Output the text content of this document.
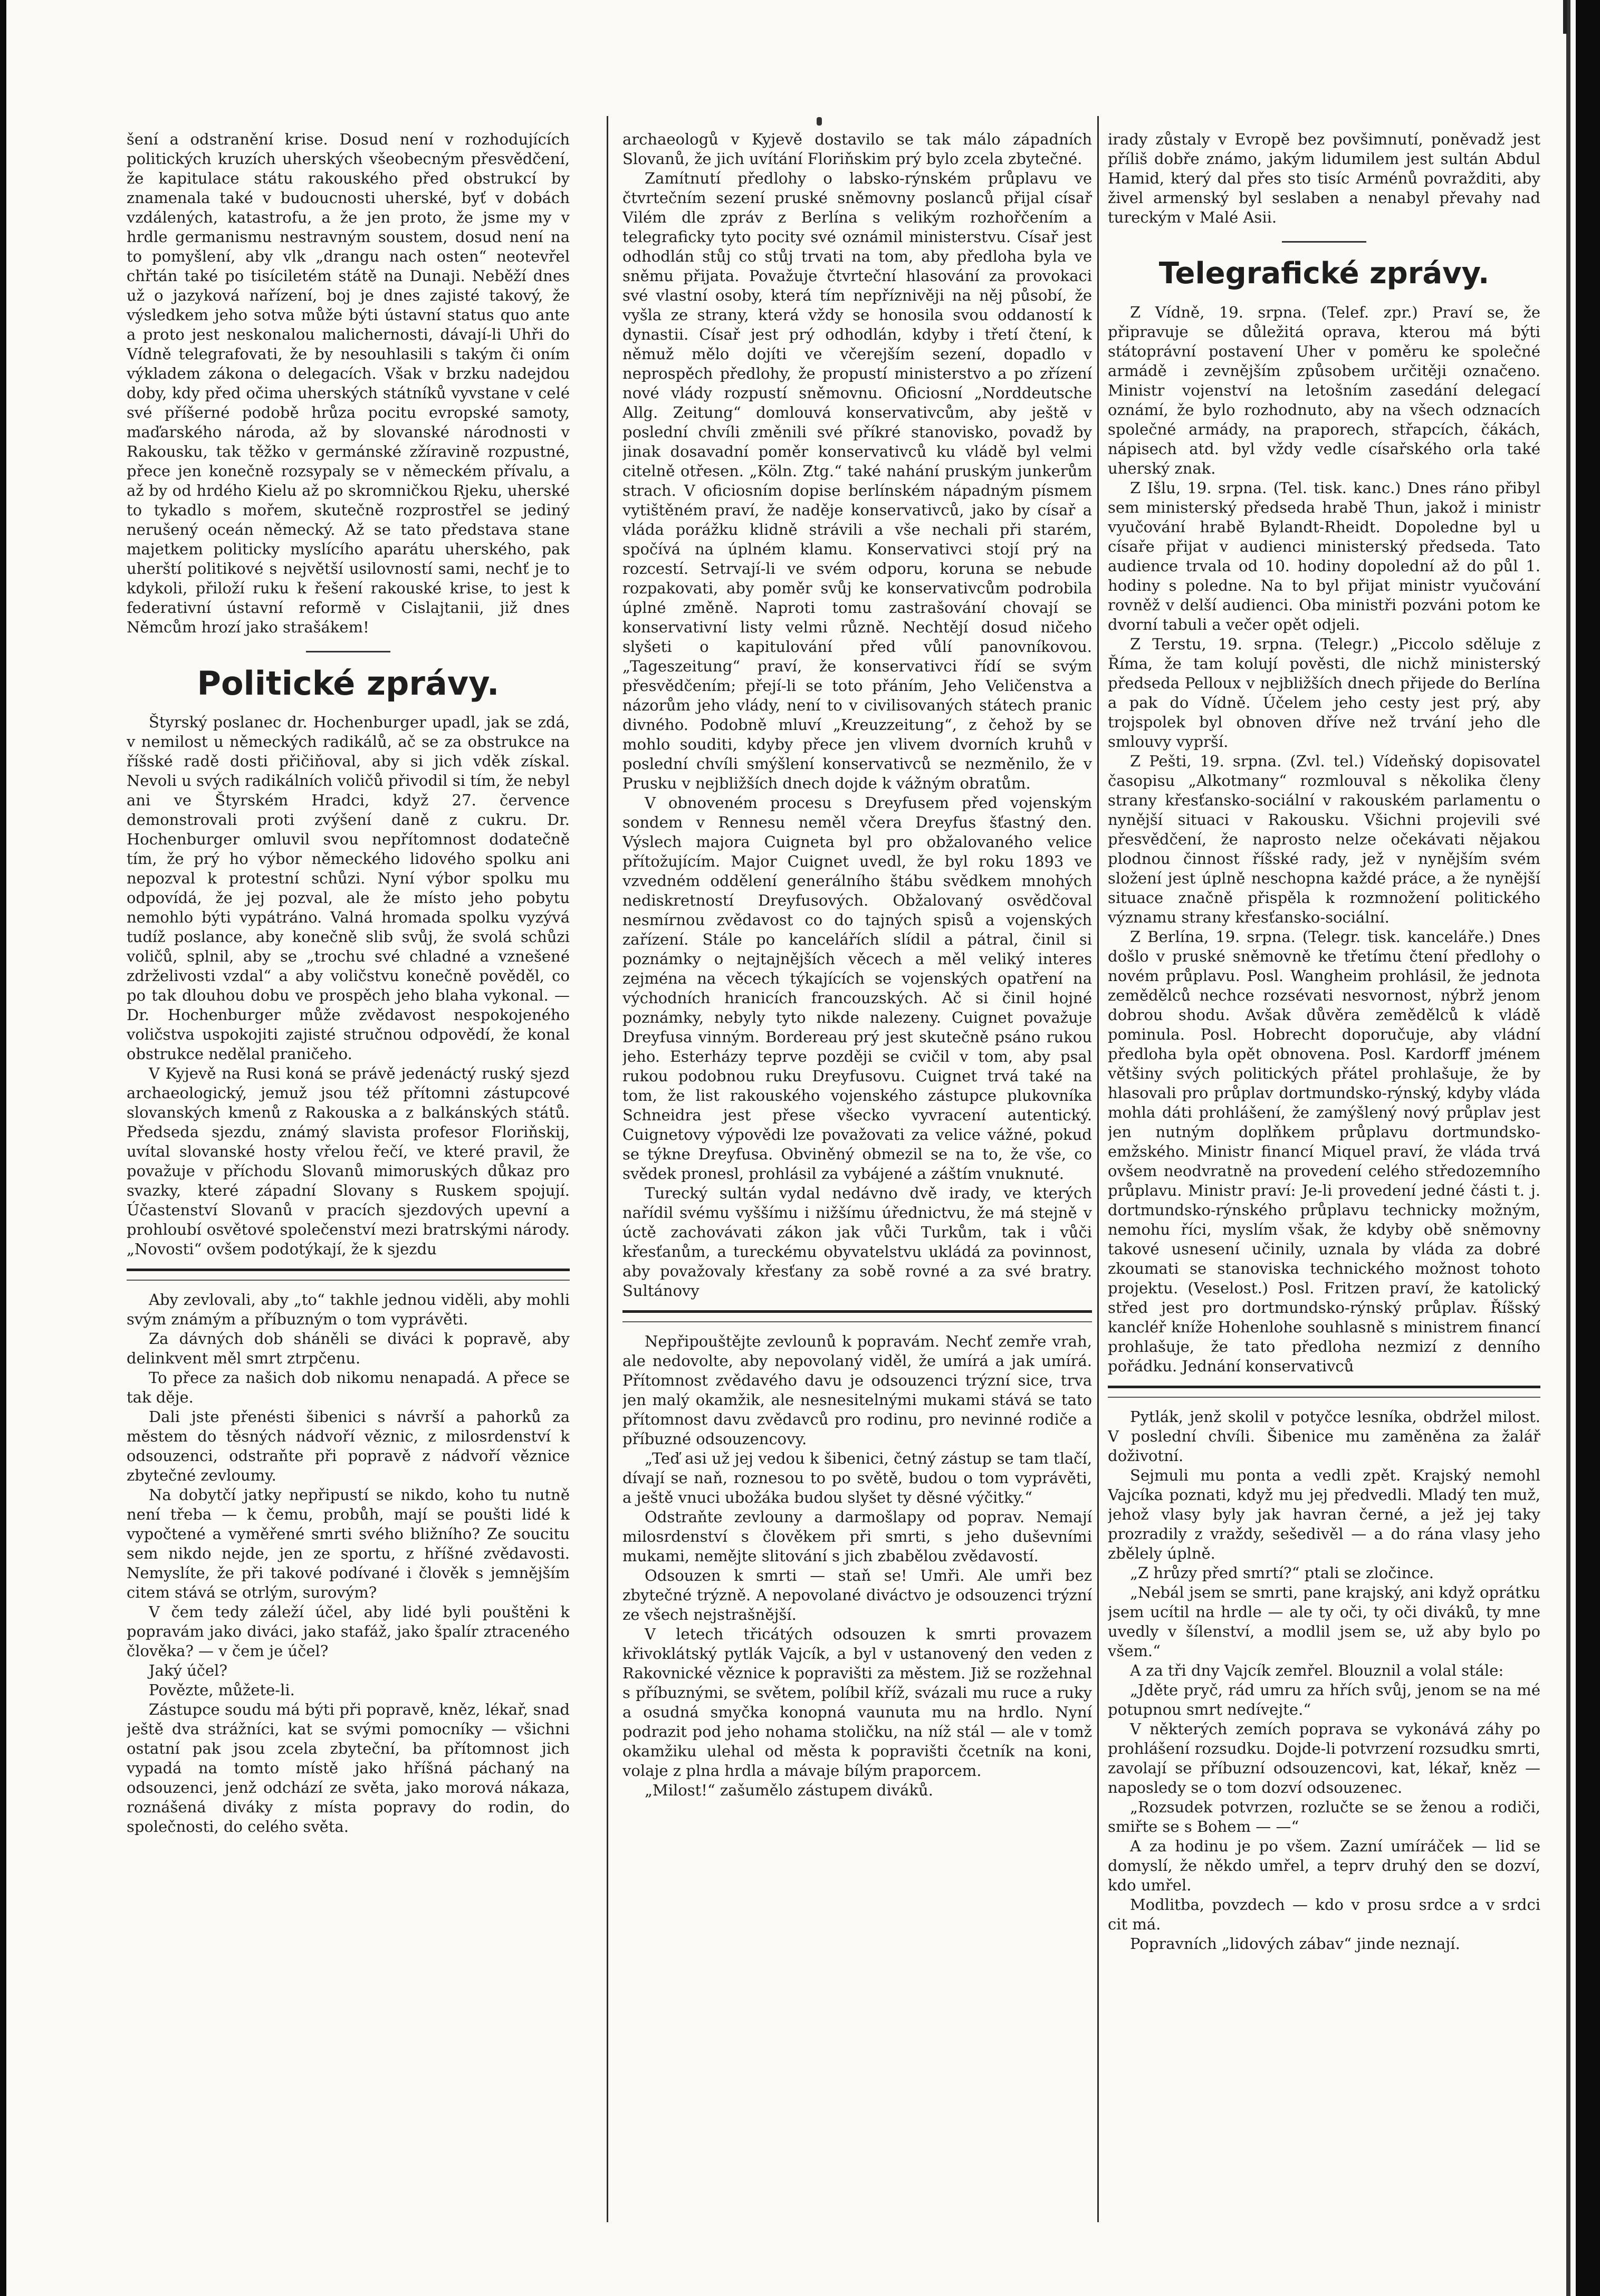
šení a odstranění krise. Dosud není v rozhodujících politických kruzích uherských všeobecným přesvědčení, že kapitulace státu rakouského před obstrukcí by znamenala také v budoucnosti uherské, byť v dobách vzdálených, katastrofu, a že jen proto, že jsme my v hrdle germanismu nestravným soustem, dosud není na to pomyšlení, aby vlk „drangu nach osten“ neotevřel chřtán také po tisíciletém státě na Dunaji. Neběží dnes už o jazyková nařízení, boj je dnes zajisté takový, že výsledkem jeho sotva může býti ústavní status quo ante a proto jest neskonalou malichernosti, dávají-li Uhři do Vídně telegrafovati, že by nesouhlasili s takým či oním výkladem zákona o delegacích. Však v brzku nadejdou doby, kdy před očima uherských státníků vyvstane v celé své příšerné podobě hrůza pocitu evropské samoty, maďarského národa, až by slovanské národnosti v Rakousku, tak těžko v germánské zžíravině rozpustné, přece jen konečně rozsypaly se v německém přívalu, a až by od hrdého Kielu až po skromničkou Rjeku, uherské to tykadlo s mořem, skutečně rozprostřel se jediný nerušený oceán německý. Až se tato představa stane majetkem politicky myslícího aparátu uherského, pak uherští politikové s největší usilovností sami, nechť je to kdykoli, přiloží ruku k řešení rakouské krise, to jest k federativní ústavní reformě v Cislajtanii, již dnes Němcům hrozí jako strašákem!

Politické zprávy.

Štyrský poslanec dr. Hochenburger upadl, jak se zdá, v nemilost u německých radikálů, ač se za obstrukce na říšské radě dosti přičiňoval, aby si jich vděk získal. Nevoli u svých radikálních voličů přivodil si tím, že nebyl ani ve Štyrském Hradci, když 27. července demonstrovali proti zvýšení daně z cukru. Dr. Hochenburger omluvil svou nepřítomnost dodatečně tím, že prý ho výbor německého lidového spolku ani nepozval k protestní schůzi. Nyní výbor spolku mu odpovídá, že jej pozval, ale že místo jeho pobytu nemohlo býti vypátráno. Valná hromada spolku vyzývá tudíž poslance, aby konečně slib svůj, že svolá schůzi voličů, splnil, aby se „trochu své chladné a vznešené zdrželivosti vzdal“ a aby voličstvu konečně pověděl, co po tak dlouhou dobu ve prospěch jeho blaha vykonal. — Dr. Hochenburger může zvědavost nespokojeného voličstva uspokojiti zajisté stručnou odpovědí, že konal obstrukce nedělal praničeho.

V Kyjevě na Rusi koná se právě jedenáctý ruský sjezd archaeologický, jemuž jsou též přítomni zástupcové slovanských kmenů z Rakouska a z balkánských států. Předseda sjezdu, známý slavista profesor Floriňskij, uvítal slovanské hosty vřelou řečí, ve které pravil, že považuje v příchodu Slovanů mimoruských důkaz pro svazky, které západní Slovany s Ruskem spojují. Účastenství Slovanů v pracích sjezdových upevní a prohloubí osvětové společenství mezi bratrskými národy. „Novosti“ ovšem podotýkají, že k sjezdu

Aby zevlovali, aby „to“ takhle jednou viděli, aby mohli svým známým a příbuzným o tom vyprávěti.

Za dávných dob sháněli se diváci k popravě, aby delinkvent měl smrt ztrpčenu.

To přece za našich dob nikomu nenapadá. A přece se tak děje.

Dali jste přenésti šibenici s návrší a pahorků za městem do těsných nádvoří věznic, z milosrdenství k odsouzenci, odstraňte při popravě z nádvoří věznice zbytečné zevloumy.

Na dobytčí jatky nepřipustí se nikdo, koho tu nutně není třeba — k čemu, probůh, mají se poušti lidé k vypočtené a vyměřené smrti svého bližního? Ze soucitu sem nikdo nejde, jen ze sportu, z hříšné zvědavosti. Nemyslíte, že při takové podívané i člověk s jemnějším citem stává se otrlým, surovým?

V čem tedy záleží účel, aby lidé byli pouštěni k popravám jako diváci, jako stafáž, jako špalír ztraceného člověka? — v čem je účel?

Jaký účel?

Povězte, můžete-li.

Zástupce soudu má býti při popravě, kněz, lékař, snad ještě dva strážníci, kat se svými pomocníky — všichni ostatní pak jsou zcela zbyteční, ba přítomnost jich vypadá na tomto místě jako hříšná páchaný na odsouzenci, jenž odchází ze světa, jako morová nákaza, roznášená diváky z místa popravy do rodin, do společnosti, do celého světa.

archaeologů v Kyjevě dostavilo se tak málo západních Slovanů, že jich uvítání Floriňskim prý bylo zcela zbytečné.

Zamítnutí předlohy o labsko-rýnském průplavu ve čtvrtečním sezení pruské sněmovny poslanců přijal císař Vilém dle zpráv z Berlína s velikým rozhořčením a telegraficky tyto pocity své oznámil ministerstvu. Císař jest odhodlán stůj co stůj trvati na tom, aby předloha byla ve sněmu přijata. Považuje čtvrteční hlasování za provokaci své vlastní osoby, která tím nepříznivěji na něj působí, že vyšla ze strany, která vždy se honosila svou oddaností k dynastii. Císař jest prý odhodlán, kdyby i třetí čtení, k němuž mělo dojíti ve včerejším sezení, dopadlo v neprospěch předlohy, že propustí ministerstvo a po zřízení nové vlády rozpustí sněmovnu. Oficiosní „Norddeutsche Allg. Zeitung“ domlouvá konservativcům, aby ještě v poslední chvíli změnili své příkré stanovisko, povadž by jinak dosavadní poměr konservativců ku vládě byl velmi citelně otřesen. „Köln. Ztg.“ také nahání pruským junkerům strach. V oficiosním dopise berlínském nápadným písmem vytištěném praví, že naděje konservativců, jako by císař a vláda porážku klidně strávili a vše nechali při starém, spočívá na úplném klamu. Konservativci stojí prý na rozcestí. Setrvají-li ve svém odporu, koruna se nebude rozpakovati, aby poměr svůj ke konservativcům podrobila úplné změně. Naproti tomu zastrašování chovají se konservativní listy velmi různě. Nechtějí dosud ničeho slyšeti o kapitulování před vůlí panovníkovou. „Tageszeitung“ praví, že konservativci řídí se svým přesvědčením; přejí-li se toto přáním, Jeho Veličenstva a názorům jeho vlády, není to v civilisovaných státech pranic divného. Podobně mluví „Kreuzzeitung“, z čehož by se mohlo souditi, kdyby přece jen vlivem dvorních kruhů v poslední chvíli smýšlení konservativců se nezměnilo, že v Prusku v nejbližších dnech dojde k vážným obratům.

V obnoveném procesu s Dreyfusem před vojenským sondem v Rennesu neměl včera Dreyfus šťastný den. Výslech majora Cuigneta byl pro obžalovaného velice přítožujícím. Major Cuignet uvedl, že byl roku 1893 ve vzvedném oddělení generálního štábu svědkem mnohých nediskretností Dreyfusových. Obžalovaný osvědčoval nesmírnou zvědavost co do tajných spisů a vojenských zařízení. Stále po kancelářích slídil a pátral, činil si poznámky o nejtajnějších věcech a měl veliký interes zejména na věcech týkajících se vojenských opatření na východních hranicích francouzských. Ač si činil hojné poznámky, nebyly tyto nikde nalezeny. Cuignet považuje Dreyfusa vinným. Bordereau prý jest skutečně psáno rukou jeho. Esterházy teprve později se cvičil v tom, aby psal rukou podobnou ruku Dreyfusovu. Cuignet trvá také na tom, že list rakouského vojenského zástupce plukovníka Schneidra jest přese všecko vyvracení autentický. Cuignetovy výpovědi lze považovati za velice vážné, pokud se týkne Dreyfusa. Obviněný obmezil se na to, že vše, co svědek pronesl, prohlásil za vybájené a záštím vnuknuté.

Turecký sultán vydal nedávno dvě irady, ve kterých nařídil svému vyššímu i nižšímu úřednictvu, že má stejně v úctě zachovávati zákon jak vůči Turkům, tak i vůči křesťanům, a tureckému obyvatelstvu ukládá za povinnost, aby považovaly křesťany za sobě rovné a za své bratry. Sultánovy

Nepřipouštějte zevlounů k popravám. Nechť zemře vrah, ale nedovolte, aby nepovolaný viděl, že umírá a jak umírá. Přítomnost zvědavého davu je odsouzenci trýzní sice, trva jen malý okamžik, ale nesnesitelnými mukami stává se tato přítomnost davu zvědavců pro rodinu, pro nevinné rodiče a příbuzné odsouzencovy.

„Teď asi už jej vedou k šibenici, četný zástup se tam tlačí, dívají se naň, roznesou to po světě, budou o tom vyprávěti, a ještě vnuci ubožáka budou slyšet ty děsné výčitky.“

Odstraňte zevlouny a darmošlapy od poprav. Nemají milosrdenství s člověkem při smrti, s jeho duševními mukami, nemějte slitování s jich zbabělou zvědavostí.

Odsouzen k smrti — staň se! Umři. Ale umři bez zbytečné trýzně. A nepovolané diváctvo je odsouzenci trýzní ze všech nejstrašnější.

V letech třicátých odsouzen k smrti provazem křivoklátský pytlák Vajcík, a byl v ustanovený den veden z Rakovnické věznice k popravišti za městem. Již se rozžehnal s příbuznými, se světem, políbil kříž, svázali mu ruce a ruky a osudná smyčka konopná vaunuta mu na hrdlo. Nyní podrazit pod jeho nohama stoličku, na níž stál — ale v tomž okamžiku ulehal od města k popravišti čcetník na koni, volaje z plna hrdla a mávaje bílým praporcem.

„Milost!“ zašumělo zástupem diváků.

irady zůstaly v Evropě bez povšimnutí, poněvadž jest příliš dobře známo, jakým lidumilem jest sultán Abdul Hamid, který dal přes sto tisíc Arménů povražditi, aby živel armenský byl seslaben a nenabyl převahy nad tureckým v Malé Asii.

Telegrafické zprávy.

Z Vídně, 19. srpna. (Telef. zpr.) Praví se, že připravuje se důležitá oprava, kterou má býti státoprávní postavení Uher v poměru ke společné armádě i zevnějším způsobem určitěji označeno. Ministr vojenství na letošním zasedání delegací oznámí, že bylo rozhodnuto, aby na všech odznacích společné armády, na praporech, střapcích, čákách, nápisech atd. byl vždy vedle císařského orla také uherský znak.

Z Išlu, 19. srpna. (Tel. tisk. kanc.) Dnes ráno přibyl sem ministerský předseda hrabě Thun, jakož i ministr vyučování hrabě Bylandt-Rheidt. Dopoledne byl u císaře přijat v audienci ministerský předseda. Tato audience trvala od 10. hodiny dopolední až do půl 1. hodiny s poledne. Na to byl přijat ministr vyučování rovněž v delší audienci. Oba ministři pozváni potom ke dvorní tabuli a večer opět odjeli.

Z Terstu, 19. srpna. (Telegr.) „Piccolo sděluje z Říma, že tam kolují pověsti, dle nichž ministerský předseda Pelloux v nejbližších dnech přijede do Berlína a pak do Vídně. Účelem jeho cesty jest prý, aby trojspolek byl obnoven dříve než trvání jeho dle smlouvy vyprší.

Z Pešti, 19. srpna. (Zvl. tel.) Vídeňský dopisovatel časopisu „Alkotmany“ rozmlouval s několika členy strany křesťansko-sociální v rakouském parlamentu o nynější situaci v Rakousku. Všichni projevili své přesvědčení, že naprosto nelze očekávati nějakou plodnou činnost říšské rady, jež v nynějším svém složení jest úplně neschopna každé práce, a že nynější situace značně přispěla k rozmnožení politického významu strany křesťansko-sociální.

Z Berlína, 19. srpna. (Telegr. tisk. kanceláře.) Dnes došlo v pruské sněmovně ke třetímu čtení předlohy o novém průplavu. Posl. Wangheim prohlásil, že jednota zemědělců nechce rozsévati nesvornost, nýbrž jenom dobrou shodu. Avšak důvěra zemědělců k vládě pominula. Posl. Hobrecht doporučuje, aby vládní předloha byla opět obnovena. Posl. Kardorff jménem většiny svých politických přátel prohlašuje, že by hlasovali pro průplav dortmundsko-rýnský, kdyby vláda mohla dáti prohlášení, že zamýšlený nový průplav jest jen nutným doplňkem průplavu dortmundsko-emžského. Ministr financí Miquel praví, že vláda trvá ovšem neodvratně na provedení celého středozemního průplavu. Ministr praví: Je-li provedení jedné části t. j. dortmundsko-rýnského průplavu technicky možným, nemohu říci, myslím však, že kdyby obě sněmovny takové usnesení učinily, uznala by vláda za dobré zkoumati se stanoviska technického možnost tohoto projektu. (Veselost.) Posl. Fritzen praví, že katolický střed jest pro dortmundsko-rýnský průplav. Říšský kancléř kníže Hohenlohe souhlasně s ministrem financí prohlašuje, že tato předloha nezmizí z denního pořádku. Jednání konservativců

Pytlák, jenž skolil v potyčce lesníka, obdržel milost. V poslední chvíli. Šibenice mu zaměněna za žalář doživotní.

Sejmuli mu ponta a vedli zpět. Krajský nemohl Vajcíka poznati, když mu jej předvedli. Mladý ten muž, jehož vlasy byly jak havran černé, a jež jej taky prozradily z vraždy, sešedivěl — a do rána vlasy jeho zbělely úplně.

„Z hrůzy před smrtí?“ ptali se zločince.

„Nebál jsem se smrti, pane krajský, ani když oprátku jsem ucítil na hrdle — ale ty oči, ty oči diváků, ty mne uvedly v šílenství, a modlil jsem se, už aby bylo po všem.“

A za tři dny Vajcík zemřel. Blouznil a volal stále:

„Jděte pryč, rád umru za hřích svůj, jenom se na mé potupnou smrt nedívejte.“

V některých zemích poprava se vykonává záhy po prohlášení rozsudku. Dojde-li potvrzení rozsudku smrti, zavolají se příbuzní odsouzencovi, kat, lékař, kněz — naposledy se o tom dozví odsouzenec.

„Rozsudek potvrzen, rozlučte se se ženou a rodiči, smiřte se s Bohem — —“

A za hodinu je po všem. Zazní umíráček — lid se domyslí, že někdo umřel, a teprv druhý den se dozví, kdo umřel.

Modlitba, povzdech — kdo v prosu srdce a v srdci cit má.

Popravních „lidových zábav“ jinde neznají.
